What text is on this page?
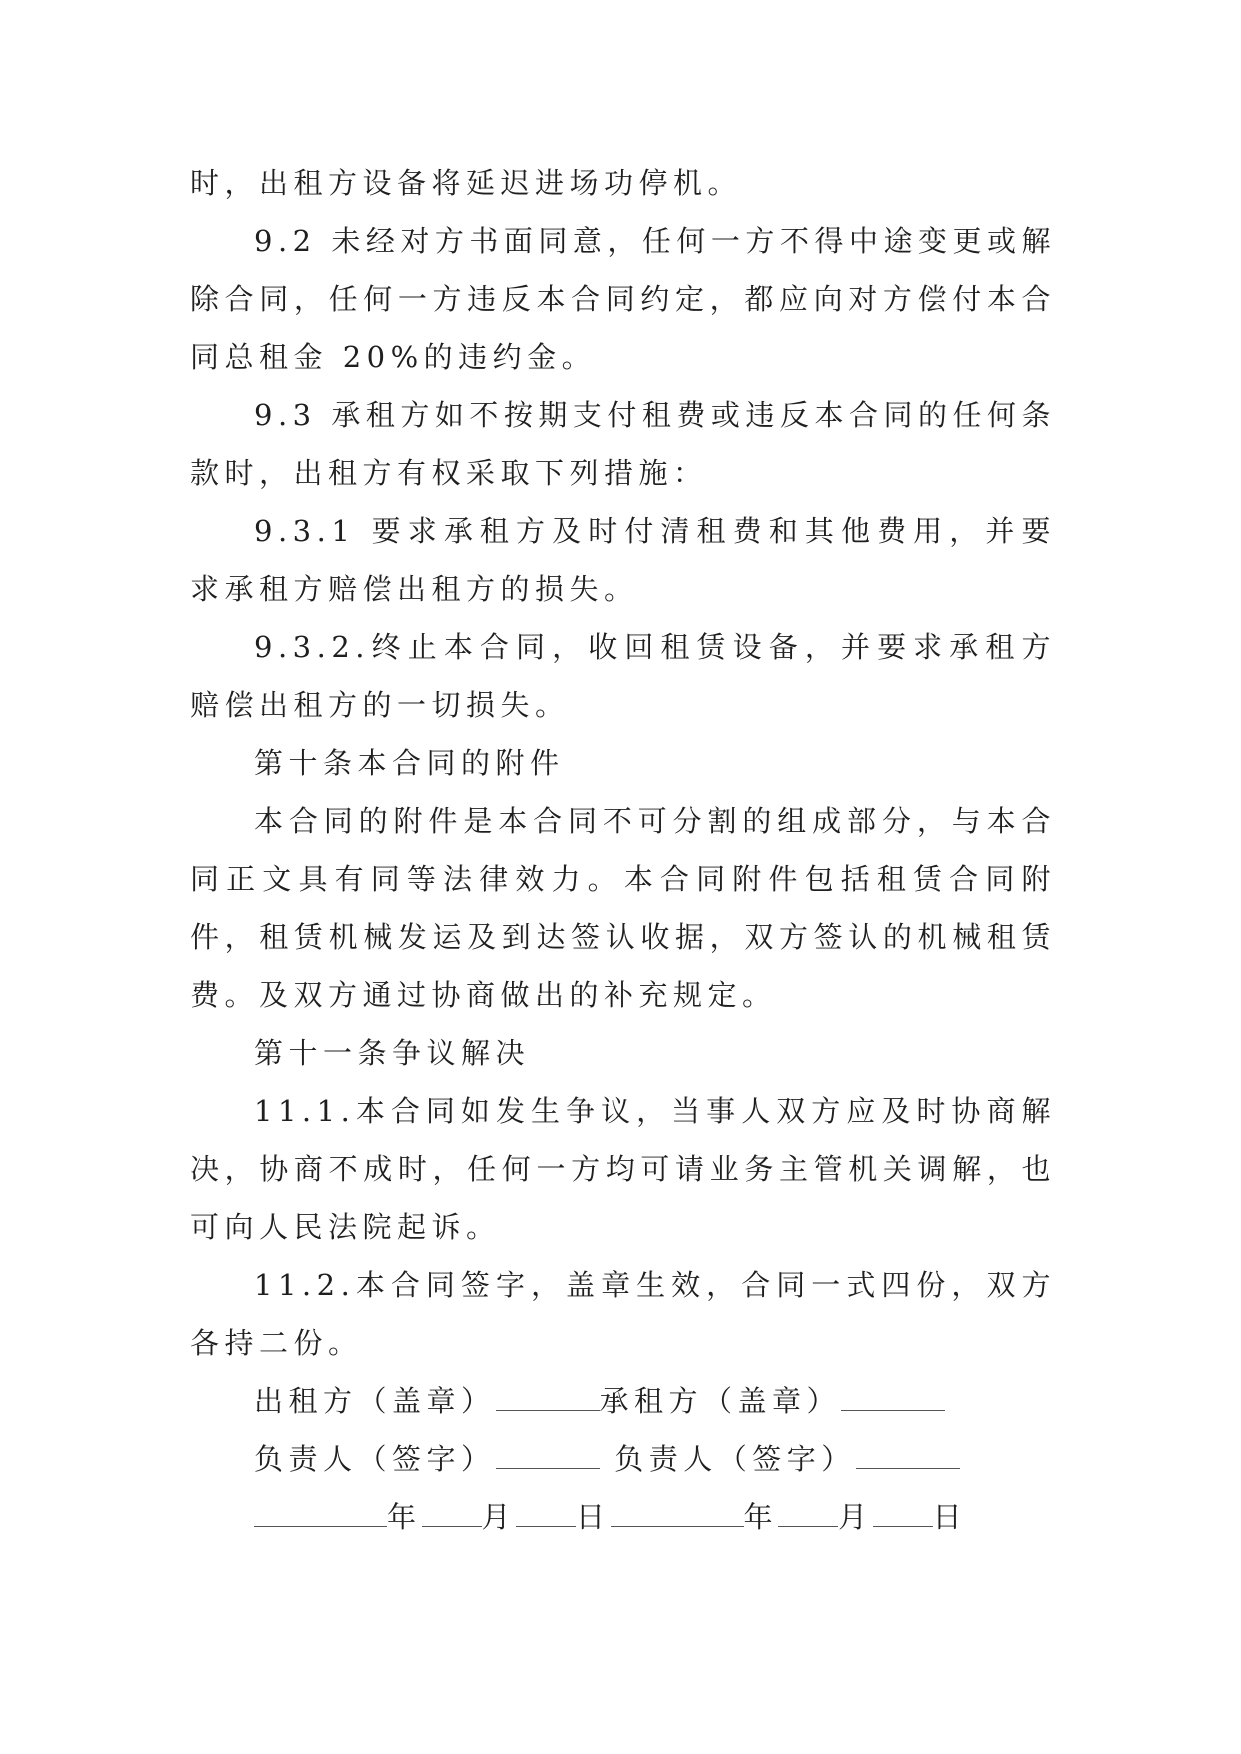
时，出租方设备将延迟进场功停机。

9.2 未经对方书面同意，任何一方不得中途变更或解除合同，任何一方违反本合同约定，都应向对方偿付本合同总租金 20%的违约金。

9.3 承租方如不按期支付租费或违反本合同的任何条款时，出租方有权采取下列措施：

9.3.1 要求承租方及时付清租费和其他费用，并要求承租方赔偿出租方的损失。

9.3.2.终止本合同，收回租赁设备，并要求承租方赔偿出租方的一切损失。

第十条本合同的附件

本合同的附件是本合同不可分割的组成部分，与本合同正文具有同等法律效力。本合同附件包括租赁合同附件，租赁机械发运及到达签认收据，双方签认的机械租赁费。及双方通过协商做出的补充规定。

第十一条争议解决

11.1.本合同如发生争议，当事人双方应及时协商解决，协商不成时，任何一方均可请业务主管机关调解，也可向人民法院起诉。

11.2.本合同签字，盖章生效，合同一式四份，双方各持二份。

出租方（盖章）	承租方（盖章）

负责人（签字）	负责人（签字）

年 月 日	年 月 日
